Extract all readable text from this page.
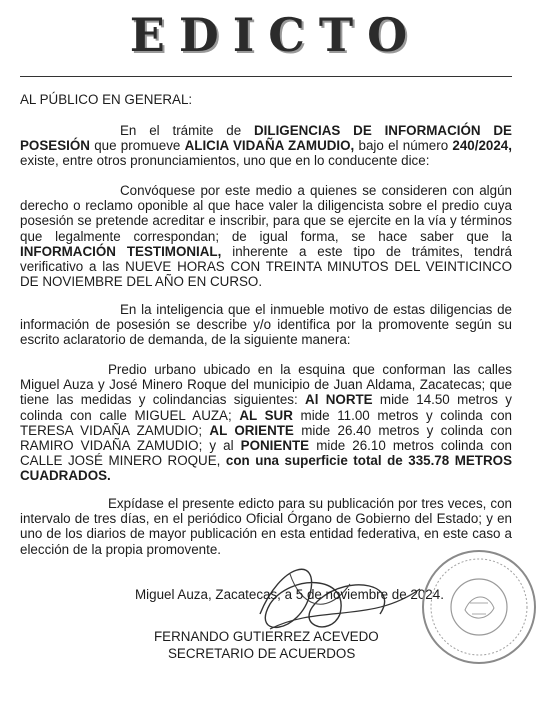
EDICTO
AL PÚBLICO EN GENERAL:
En el trámite de DILIGENCIAS DE INFORMACIÓN DE POSESIÓN que promueve ALICIA VIDAÑA ZAMUDIO, bajo el número 240/2024, existe, entre otros pronunciamientos, uno que en lo conducente dice:
Convóquese por este medio a quienes se consideren con algún derecho o reclamo oponible al que hace valer la diligencista sobre el predio cuya posesión se pretende acreditar e inscribir, para que se ejercite en la vía y términos que legalmente correspondan; de igual forma, se hace saber que la INFORMACIÓN TESTIMONIAL, inherente a este tipo de trámites, tendrá verificativo a las NUEVE HORAS CON TREINTA MINUTOS DEL VEINTICINCO DE NOVIEMBRE DEL AÑO EN CURSO.
En la inteligencia que el inmueble motivo de estas diligencias de información de posesión se describe y/o identifica por la promovente según su escrito aclaratorio de demanda, de la siguiente manera:
Predio urbano ubicado en la esquina que conforman las calles Miguel Auza y José Minero Roque del municipio de Juan Aldama, Zacatecas; que tiene las medidas y colindancias siguientes: Al NORTE mide 14.50 metros y colinda con calle MIGUEL AUZA; AL SUR mide 11.00 metros y colinda con TERESA VIDAÑA ZAMUDIO; AL ORIENTE mide 26.40 metros y colinda con RAMIRO VIDAÑA ZAMUDIO; y al PONIENTE mide 26.10 metros colinda con CALLE JOSÉ MINERO ROQUE, con una superficie total de 335.78 METROS CUADRADOS.
Expídase el presente edicto para su publicación por tres veces, con intervalo de tres días, en el periódico Oficial Órgano de Gobierno del Estado; y en uno de los diarios de mayor publicación en esta entidad federativa, en este caso a elección de la propia promovente.
Miguel Auza, Zacatecas, a 5 de noviembre de 2024.
FERNANDO GUTIERREZ ACEVEDO
SECRETARIO DE ACUERDOS
